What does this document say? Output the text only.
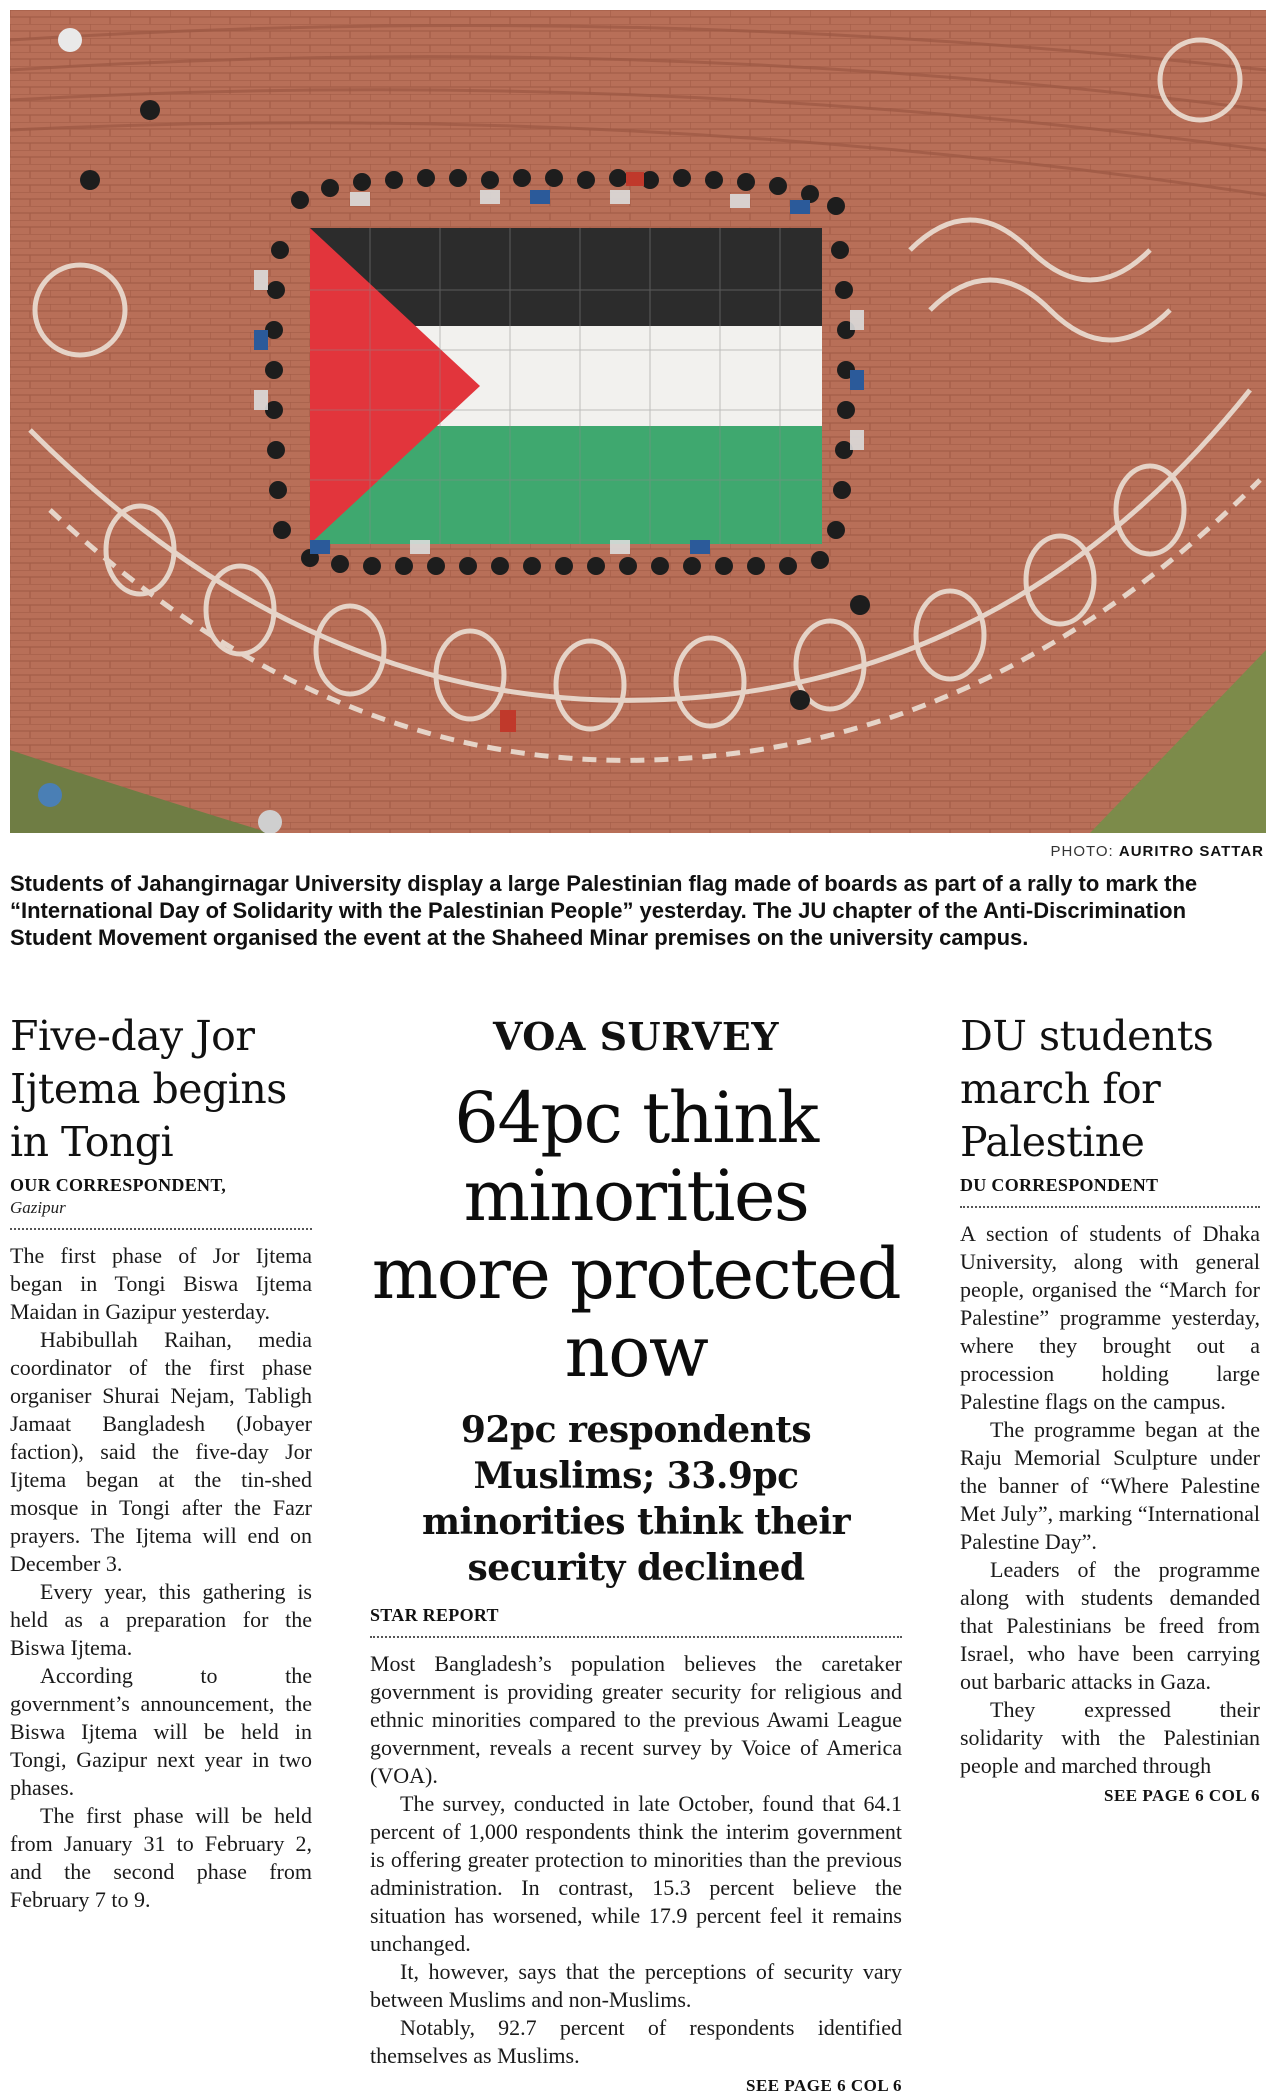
PHOTO: AURITRO SATTAR
Students of Jahangirnagar University display a large Palestinian flag made of boards as part of a rally to mark the “International Day of Solidarity with the Palestinian People” yesterday. The JU chapter of the Anti-Discrimination Student Movement organised the event at the Shaheed Minar premises on the university campus.
Five-day Jor Ijtema begins in Tongi
OUR CORRESPONDENT,
Gazipur

The first phase of Jor Ijtema began in Tongi Biswa Ijtema Maidan in Gazipur yesterday.

Habibullah Raihan, media coordinator of the first phase organiser Shurai Nejam, Tabligh Jamaat Bangladesh (Jobayer faction), said the five-day Jor Ijtema began at the tin-shed mosque in Tongi after the Fazr prayers. The Ijtema will end on December 3.

Every year, this gathering is held as a preparation for the Biswa Ijtema.

According to the government’s announcement, the Biswa Ijtema will be held in Tongi, Gazipur next year in two phases.

The first phase will be held from January 31 to February 2, and the second phase from February 7 to 9.

VOA SURVEY
64pc think minorities more protected now
92pc respondents Muslims; 33.9pc minorities think their security declined
STAR REPORT

Most Bangladesh’s population believes the caretaker government is providing greater security for religious and ethnic minorities compared to the previous Awami League government, reveals a recent survey by Voice of America (VOA).

The survey, conducted in late October, found that 64.1 percent of 1,000 respondents think the interim government is offering greater protection to minorities than the previous administration. In contrast, 15.3 percent believe the situation has worsened, while 17.9 percent feel it remains unchanged.

It, however, says that the perceptions of security vary between Muslims and non-Muslims.

Notably, 92.7 percent of respondents identified themselves as Muslims.

SEE PAGE 6 COL 6
DU students march for Palestine
DU CORRESPONDENT

A section of students of Dhaka University, along with general people, organised the “March for Palestine” programme yesterday, where they brought out a procession holding large Palestine flags on the campus.

The programme began at the Raju Memorial Sculpture under the banner of “Where Palestine Met July”, marking “International Palestine Day”.

Leaders of the programme along with students demanded that Palestinians be freed from Israel, who have been carrying out barbaric attacks in Gaza.

They expressed their solidarity with the Palestinian people and marched through

SEE PAGE 6 COL 6
